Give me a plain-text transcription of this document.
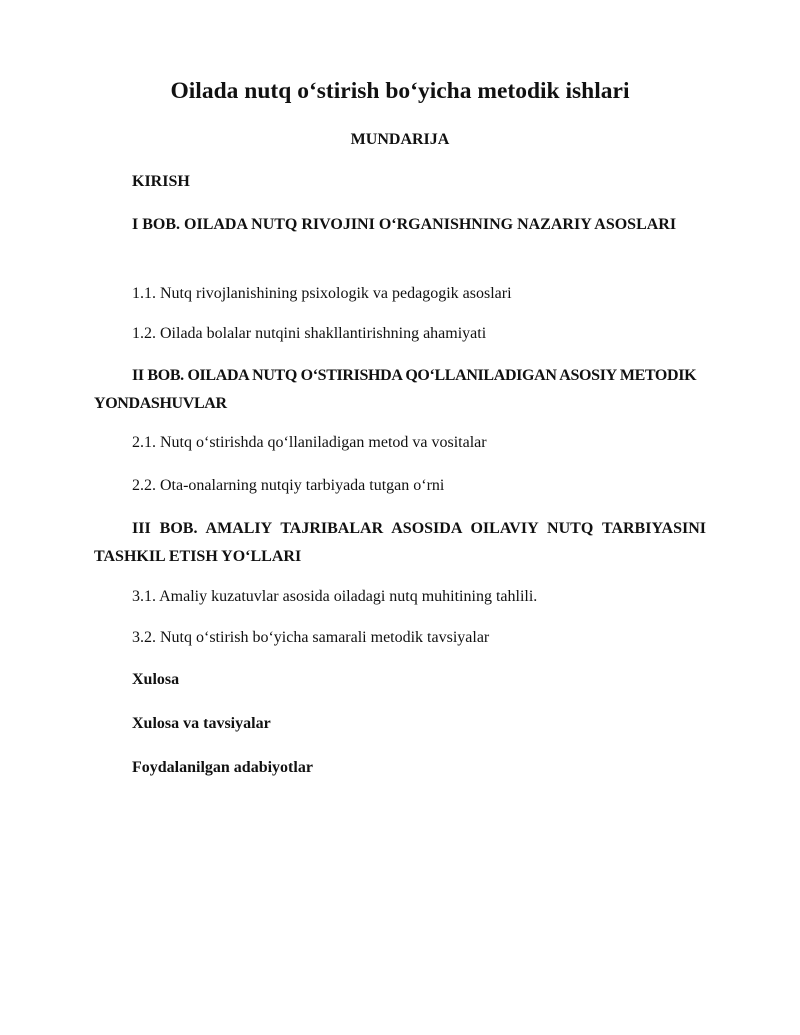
Oilada nutq o‘stirish bo‘yicha metodik ishlari
MUNDARIJA

KIRISH

I BOB. OILADA NUTQ RIVOJINI O‘RGANISHNING NAZARIY ASOSLARI

1.1. Nutq rivojlanishining psixologik va pedagogik asoslari

1.2. Oilada bolalar nutqini shakllantirishning ahamiyati

II BOB. OILADA NUTQ O‘STIRISHDA QO‘LLANILADIGAN ASOSIY METODIK YONDASHUVLAR

2.1. Nutq o‘stirishda qo‘llaniladigan metod va vositalar

2.2. Ota-onalarning nutqiy tarbiyada tutgan o‘rni

III BOB. AMALIY TAJRIBALAR ASOSIDA OILAVIY NUTQ TARBIYASINI TASHKIL ETISH YO‘LLARI

3.1. Amaliy kuzatuvlar asosida oiladagi nutq muhitining tahlili.

3.2. Nutq o‘stirish bo‘yicha samarali metodik tavsiyalar

Xulosa

Xulosa va tavsiyalar

Foydalanilgan adabiyotlar
